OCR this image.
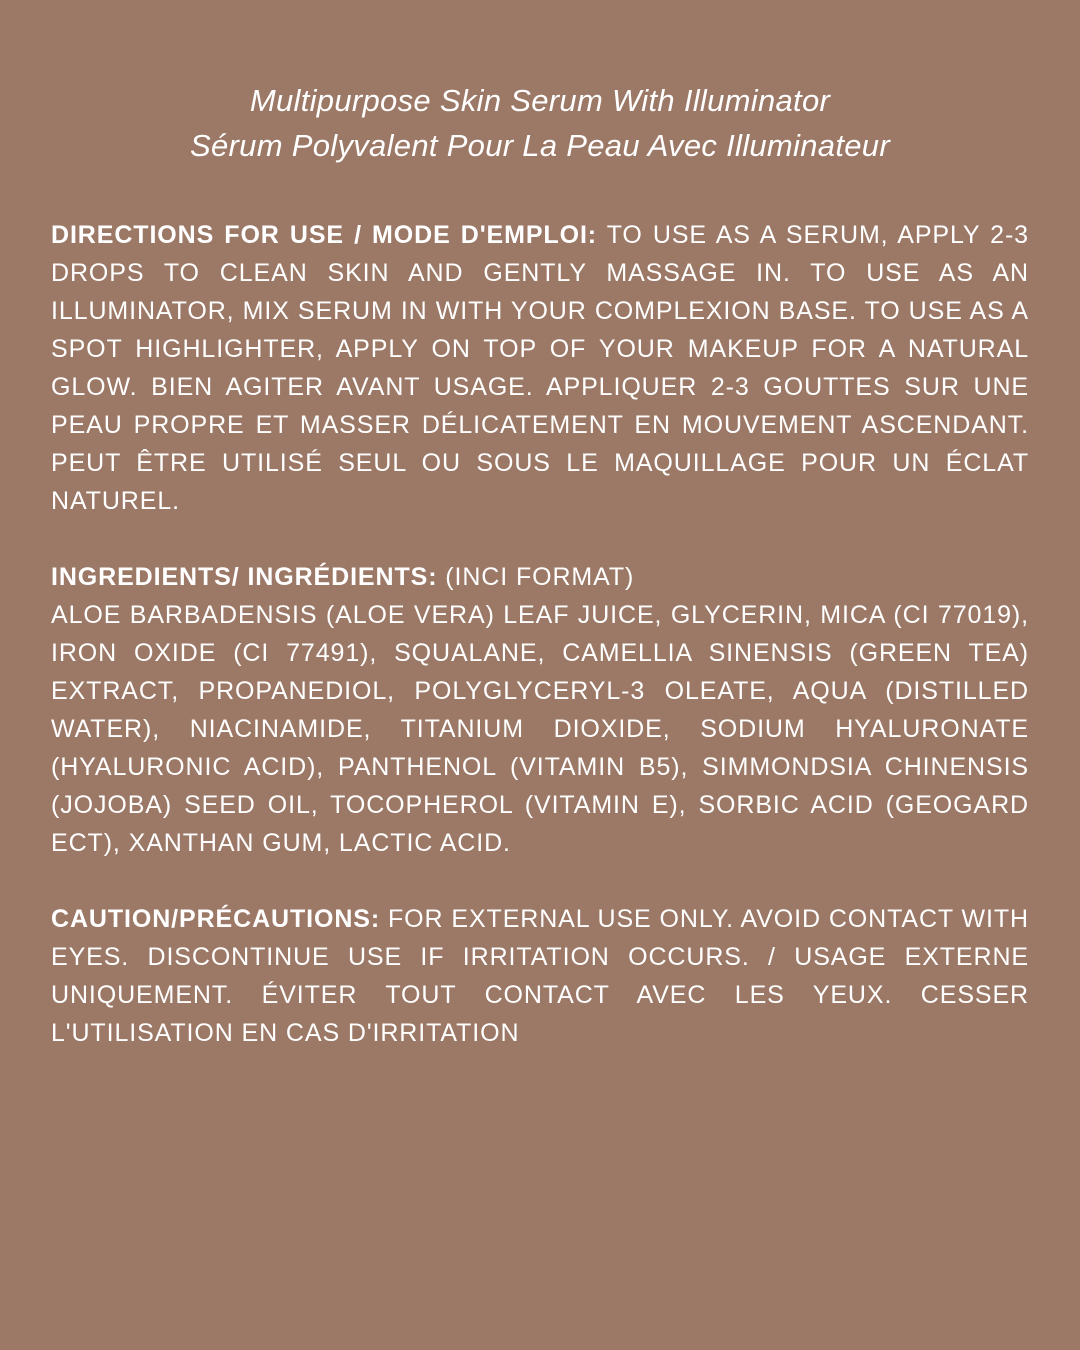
Multipurpose Skin Serum With Illuminator
Sérum Polyvalent Pour La Peau Avec Illuminateur

DIRECTIONS FOR USE / MODE D'EMPLOI: TO USE AS A SERUM, APPLY 2-3 DROPS TO CLEAN SKIN AND GENTLY MASSAGE IN. TO USE AS AN ILLUMINATOR, MIX SERUM IN WITH YOUR COMPLEXION BASE. TO USE AS A SPOT HIGHLIGHTER, APPLY ON TOP OF YOUR MAKEUP FOR A NATURAL GLOW. BIEN AGITER AVANT USAGE. APPLIQUER 2-3 GOUTTES SUR UNE PEAU PROPRE ET MASSER DÉLICATEMENT EN MOUVEMENT ASCENDANT. PEUT ÊTRE UTILISÉ SEUL OU SOUS LE MAQUILLAGE POUR UN ÉCLAT NATUREL.

INGREDIENTS/ INGRÉDIENTS: (INCI FORMAT)
ALOE BARBADENSIS (ALOE VERA) LEAF JUICE, GLYCERIN, MICA (CI 77019), IRON OXIDE (CI 77491), SQUALANE, CAMELLIA SINENSIS (GREEN TEA) EXTRACT, PROPANEDIOL, POLYGLYCERYL-3 OLEATE, AQUA (DISTILLED WATER), NIACINAMIDE, TITANIUM DIOXIDE, SODIUM HYALURONATE (HYALURONIC ACID), PANTHENOL (VITAMIN B5), SIMMONDSIA CHINENSIS (JOJOBA) SEED OIL, TOCOPHEROL (VITAMIN E), SORBIC ACID (GEOGARD ECT), XANTHAN GUM, LACTIC ACID.

CAUTION/PRÉCAUTIONS: FOR EXTERNAL USE ONLY. AVOID CONTACT WITH EYES. DISCONTINUE USE IF IRRITATION OCCURS. / USAGE EXTERNE UNIQUEMENT. ÉVITER TOUT CONTACT AVEC LES YEUX. CESSER L'UTILISATION EN CAS D'IRRITATION
